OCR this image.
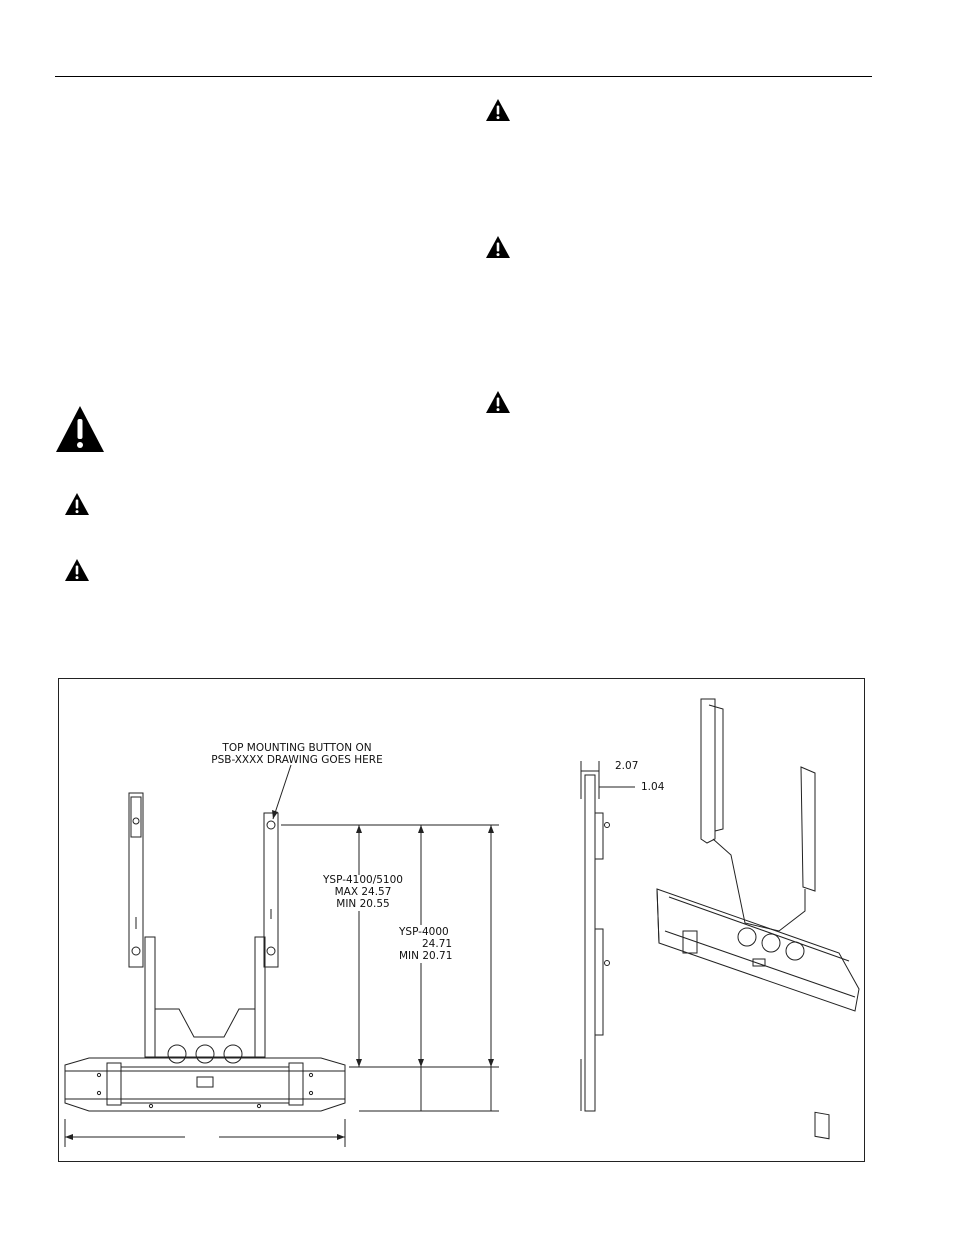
TOP MOUNTING BUTTON ON
PSB-XXXX DRAWING GOES HERE
YSP-4100/5100
MAX 24.57
MIN 20.55
YSP-4000
24.71
MIN 20.71
2.07
1.04
